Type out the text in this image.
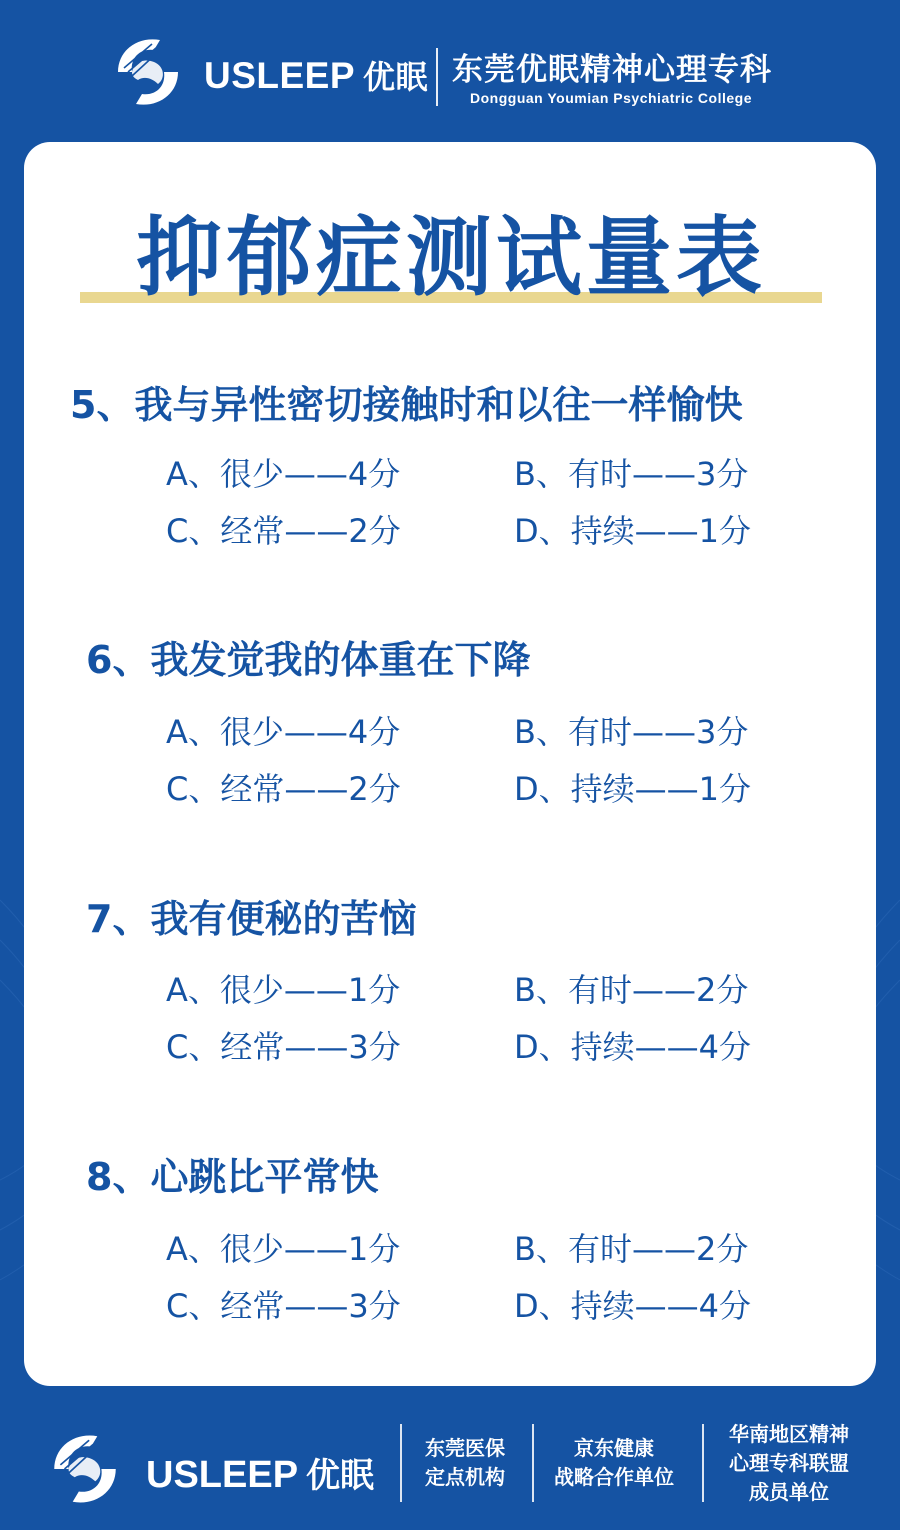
USLEEP 优眠 东莞优眠精神心理专科
Dongguan Youmian Psychiatric College
抑郁症测试量表
5、我与异性密切接触时和以往一样愉快
A、很少——4分	B、有时——3分
C、经常——2分	D、持续——1分
6、我发觉我的体重在下降
A、很少——4分	B、有时——3分
C、经常——2分	D、持续——1分
7、我有便秘的苦恼
A、很少——1分	B、有时——2分
C、经常——3分	D、持续——4分
8、心跳比平常快
A、很少——1分	B、有时——2分
C、经常——3分	D、持续——4分
USLEEP 优眠
东莞医保
定点机构
京东健康
战略合作单位
华南地区精神
心理专科联盟
成员单位
